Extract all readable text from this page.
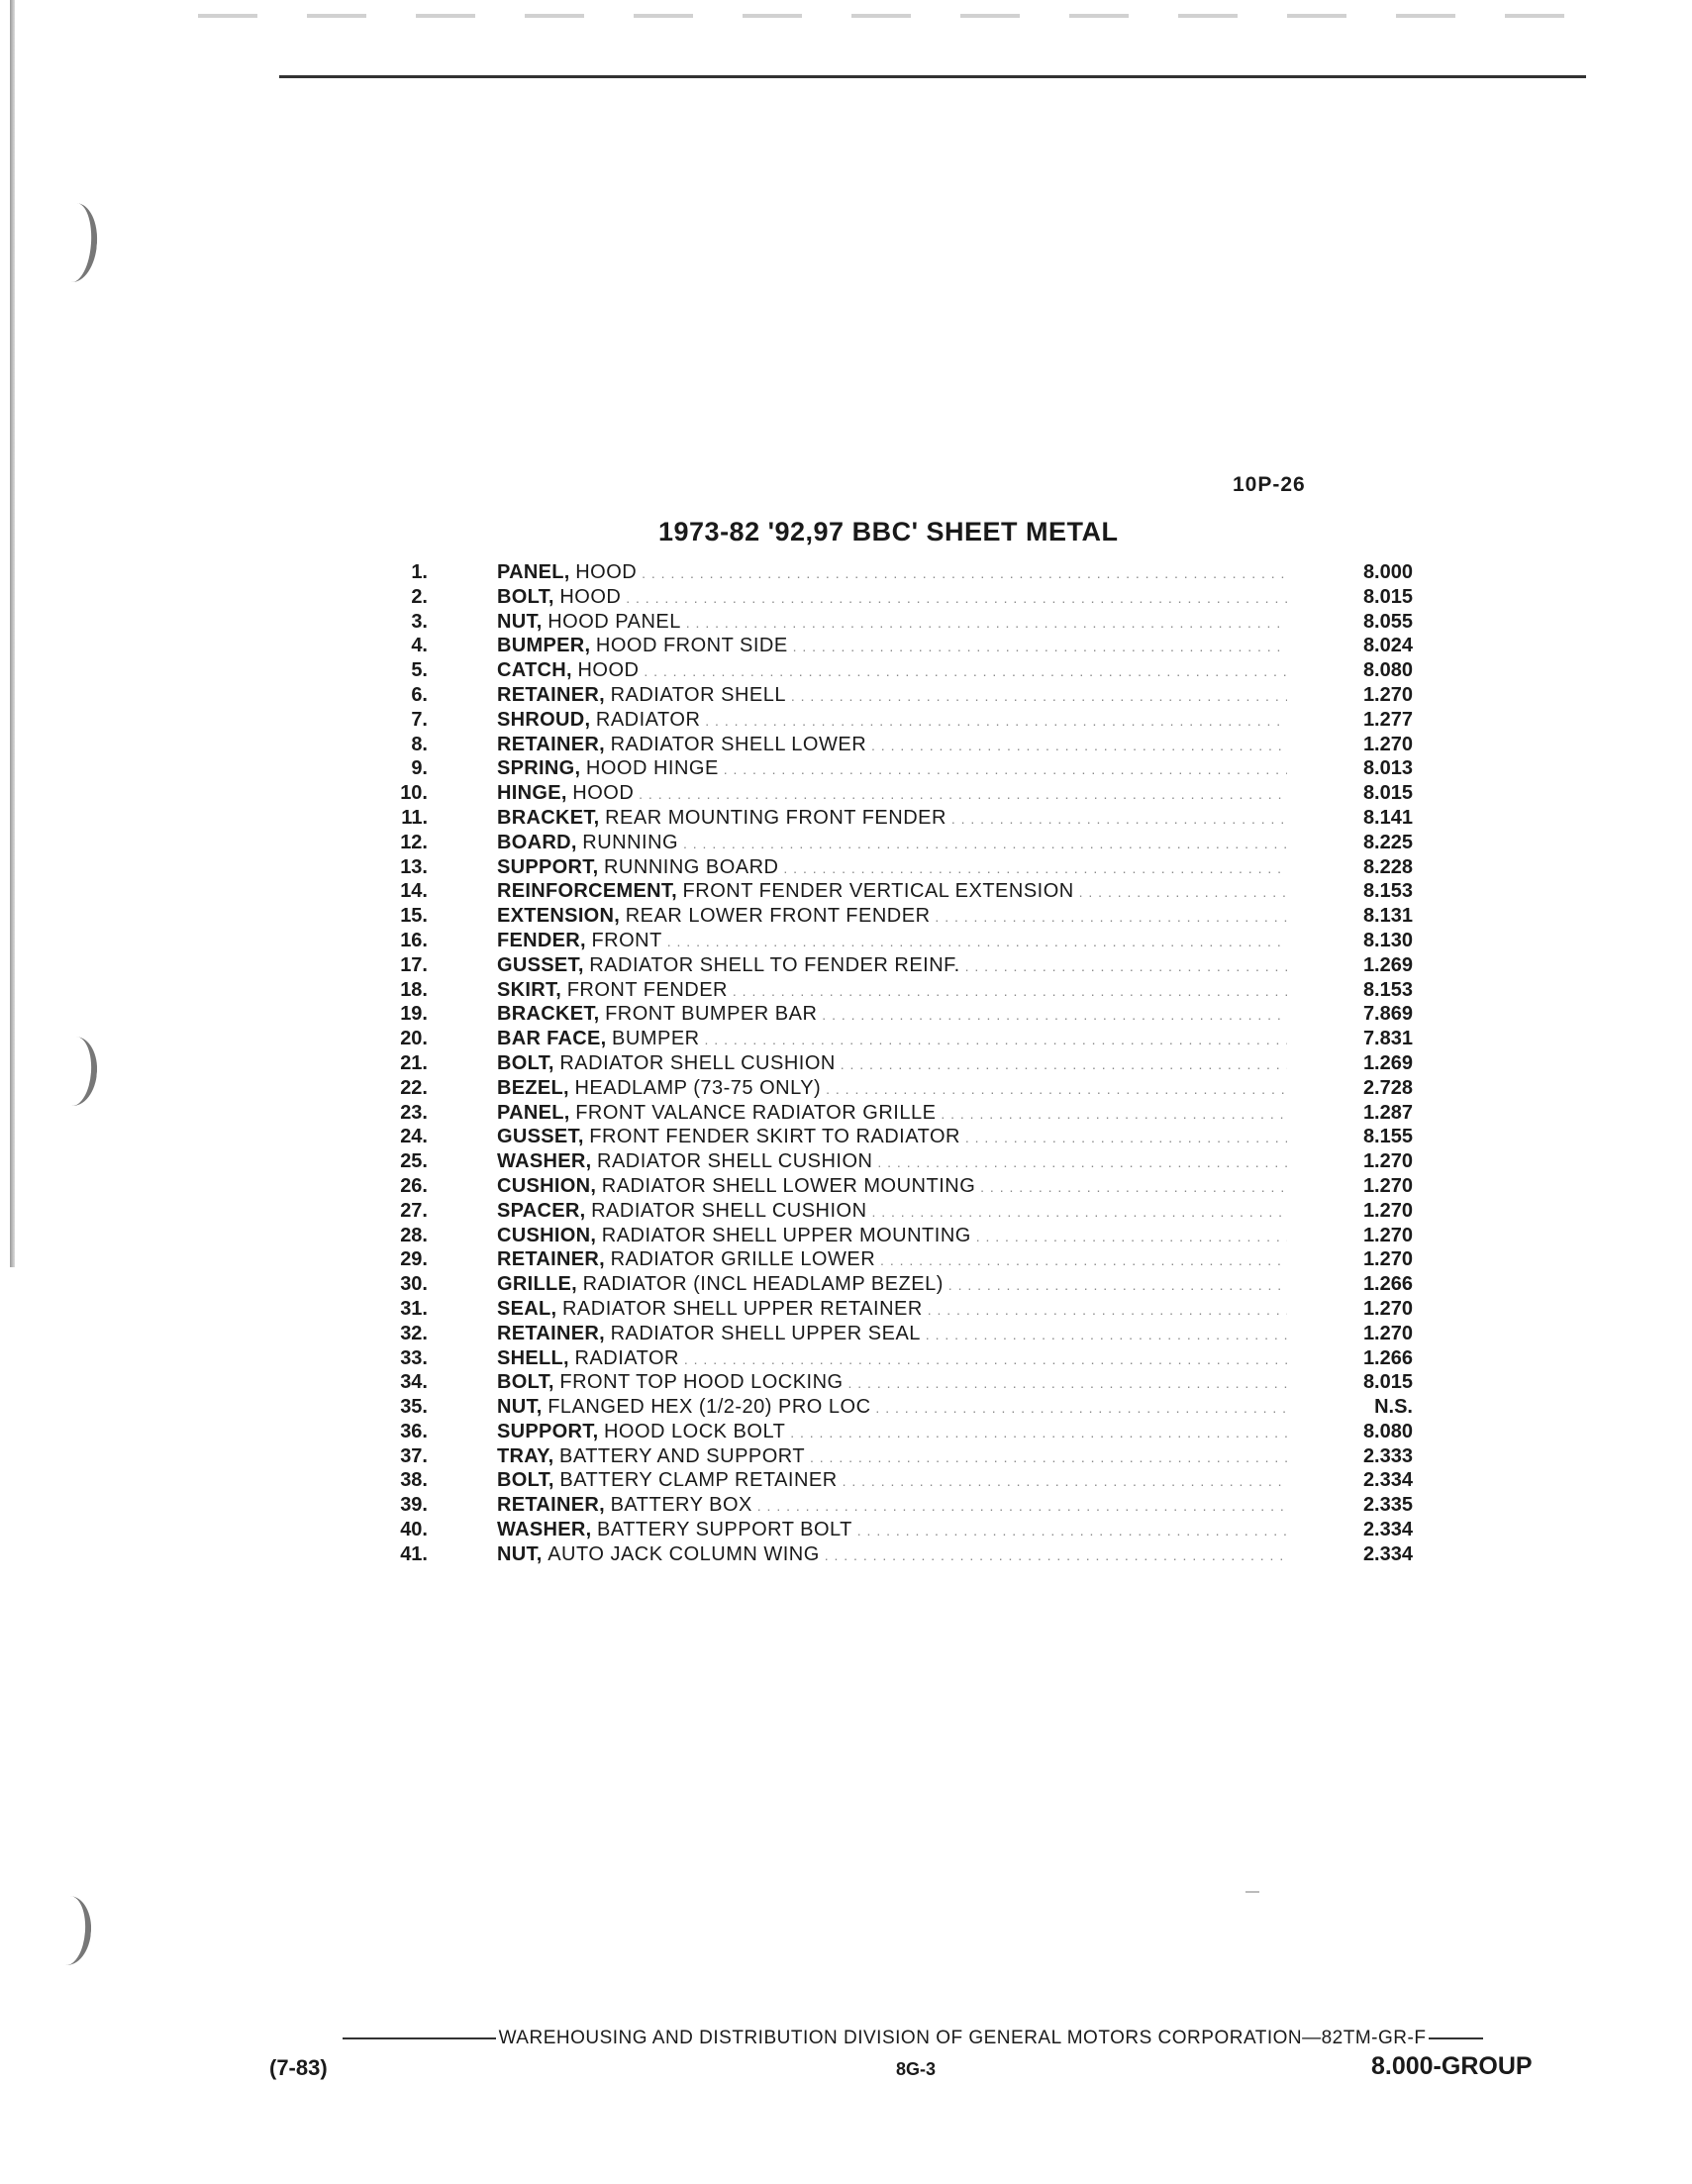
10P-26
1973-82 '92,97 BBC' SHEET METAL
1.	PANEL, HOOD . . .	8.000
2.	BOLT, HOOD . . .	8.015
3.	NUT, HOOD PANEL . . .	8.055
4.	BUMPER, HOOD FRONT SIDE . . .	8.024
5.	CATCH, HOOD . . .	8.080
6.	RETAINER, RADIATOR SHELL . . .	1.270
7.	SHROUD, RADIATOR . . .	1.277
8.	RETAINER, RADIATOR SHELL LOWER . . .	1.270
9.	SPRING, HOOD HINGE . . .	8.013
10.	HINGE, HOOD . . .	8.015
11.	BRACKET, REAR MOUNTING FRONT FENDER . . .	8.141
12.	BOARD, RUNNING . . .	8.225
13.	SUPPORT, RUNNING BOARD . . .	8.228
14.	REINFORCEMENT, FRONT FENDER VERTICAL EXTENSION . . .	8.153
15.	EXTENSION, REAR LOWER FRONT FENDER . . .	8.131
16.	FENDER, FRONT . . .	8.130
17.	GUSSET, RADIATOR SHELL TO FENDER REINF. . . .	1.269
18.	SKIRT, FRONT FENDER . . .	8.153
19.	BRACKET, FRONT BUMPER BAR . . .	7.869
20.	BAR FACE, BUMPER . . .	7.831
21.	BOLT, RADIATOR SHELL CUSHION . . .	1.269
22.	BEZEL, HEADLAMP (73-75 ONLY) . . .	2.728
23.	PANEL, FRONT VALANCE RADIATOR GRILLE . . .	1.287
24.	GUSSET, FRONT FENDER SKIRT TO RADIATOR . . .	8.155
25.	WASHER, RADIATOR SHELL CUSHION . . .	1.270
26.	CUSHION, RADIATOR SHELL LOWER MOUNTING . . .	1.270
27.	SPACER, RADIATOR SHELL CUSHION . . .	1.270
28.	CUSHION, RADIATOR SHELL UPPER MOUNTING . . .	1.270
29.	RETAINER, RADIATOR GRILLE LOWER . . .	1.270
30.	GRILLE, RADIATOR (INCL HEADLAMP BEZEL) . . .	1.266
31.	SEAL, RADIATOR SHELL UPPER RETAINER . . .	1.270
32.	RETAINER, RADIATOR SHELL UPPER SEAL . . .	1.270
33.	SHELL, RADIATOR . . .	1.266
34.	BOLT, FRONT TOP HOOD LOCKING . . .	8.015
35.	NUT, FLANGED HEX (1/2-20) PRO LOC . . .	N.S.
36.	SUPPORT, HOOD LOCK BOLT . . .	8.080
37.	TRAY, BATTERY AND SUPPORT . . .	2.333
38.	BOLT, BATTERY CLAMP RETAINER . . .	2.334
39.	RETAINER, BATTERY BOX . . .	2.335
40.	WASHER, BATTERY SUPPORT BOLT . . .	2.334
41.	NUT, AUTO JACK COLUMN WING . . .	2.334
WAREHOUSING AND DISTRIBUTION DIVISION OF GENERAL MOTORS CORPORATION—82TM-GR-F
(7-83)	8G-3	8.000-GROUP
